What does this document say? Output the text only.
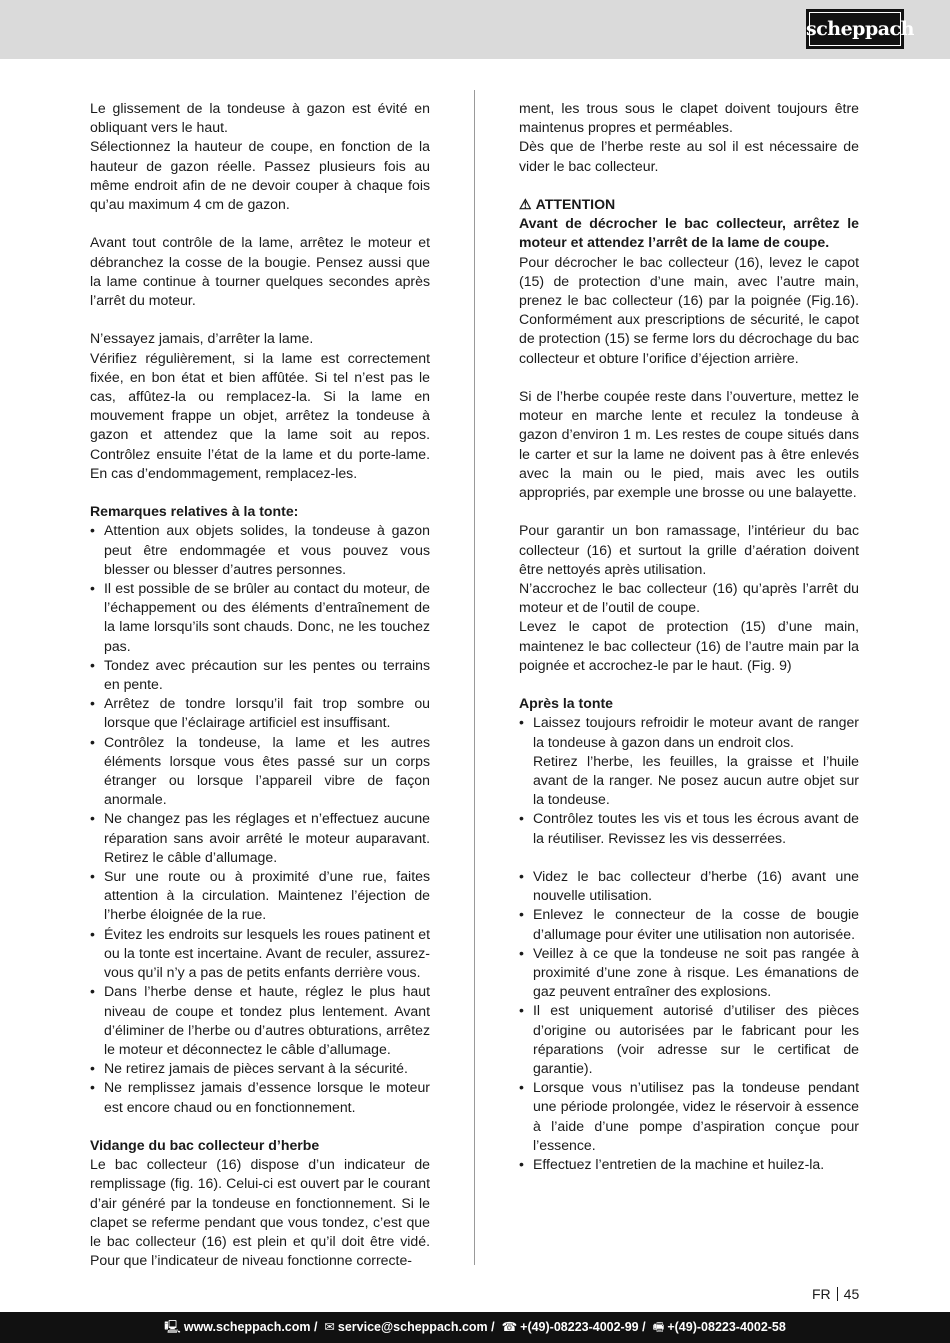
scheppach

Le glissement de la tondeuse à gazon est évité en obliquant vers le haut.

Sélectionnez la hauteur de coupe, en fonction de la hauteur de gazon réelle. Passez plusieurs fois au même endroit afin de ne devoir couper à chaque fois qu’au maximum 4 cm de gazon.

Avant tout contrôle de la lame, arrêtez le moteur et débranchez la cosse de la bougie. Pensez aussi que la lame continue à tourner quelques secondes après l’arrêt du moteur.

N’essayez jamais, d’arrêter la lame.

Vérifiez régulièrement, si la lame est correctement fixée, en bon état et bien affûtée. Si tel n’est pas le cas, affûtez-la ou remplacez-la. Si la lame en mouvement frappe un objet, arrêtez la tondeuse à gazon et attendez que la lame soit au repos. Contrôlez ensuite l’état de la lame et du porte-lame. En cas d’endommagement, remplacez-les.

Remarques relatives à la tonte:

• Attention aux objets solides, la tondeuse à gazon peut être endommagée et vous pouvez vous blesser ou blesser d’autres personnes.
• Il est possible de se brûler au contact du moteur, de l’échappement ou des éléments d’entraînement de la lame lorsqu’ils sont chauds. Donc, ne les touchez pas.
• Tondez avec précaution sur les pentes ou terrains en pente.
• Arrêtez de tondre lorsqu’il fait trop sombre ou lorsque que l’éclairage artificiel est insuffisant.
• Contrôlez la tondeuse, la lame et les autres éléments lorsque vous êtes passé sur un corps étranger ou lorsque l’appareil vibre de façon anormale.
• Ne changez pas les réglages et n’effectuez aucune réparation sans avoir arrêté le moteur auparavant. Retirez le câble d’allumage.
• Sur une route ou à proximité d’une rue, faites attention à la circulation. Maintenez l’éjection de l’herbe éloignée de la rue.
• Évitez les endroits sur lesquels les roues patinent et ou la tonte est incertaine. Avant de reculer, assurez-vous qu’il n’y a pas de petits enfants derrière vous.
• Dans l’herbe dense et haute, réglez le plus haut niveau de coupe et tondez plus lentement. Avant d’éliminer de l’herbe ou d’autres obturations, arrêtez le moteur et déconnectez le câble d’allumage.
• Ne retirez jamais de pièces servant à la sécurité.
• Ne remplissez jamais d’essence lorsque le moteur est encore chaud ou en fonctionnement.

Vidange du bac collecteur d’herbe

Le bac collecteur (16) dispose d’un indicateur de remplissage (fig. 16). Celui-ci est ouvert par le courant d’air généré par la tondeuse en fonctionnement. Si le clapet se referme pendant que vous tondez, c’est que le bac collecteur (16) est plein et qu’il doit être vidé. Pour que l’indicateur de niveau fonctionne correcte-

ment, les trous sous le clapet doivent toujours être maintenus propres et perméables.

Dès que de l’herbe reste au sol il est nécessaire de vider le bac collecteur.

⚠ ATTENTION

Avant de décrocher le bac collecteur, arrêtez le moteur et attendez l’arrêt de la lame de coupe.

Pour décrocher le bac collecteur (16), levez le capot (15) de protection d’une main, avec l’autre main, prenez le bac collecteur (16) par la poignée (Fig.16). Conformément aux prescriptions de sécurité, le capot de protection (15) se ferme lors du décrochage du bac collecteur et obture l’orifice d’éjection arrière.

Si de l’herbe coupée reste dans l’ouverture, mettez le moteur en marche lente et reculez la tondeuse à gazon d’environ 1 m. Les restes de coupe situés dans le carter et sur la lame ne doivent pas à être enlevés avec la main ou le pied, mais avec les outils appropriés, par exemple une brosse ou une balayette.

Pour garantir un bon ramassage, l’intérieur du bac collecteur (16) et surtout la grille d’aération doivent être nettoyés après utilisation.

N’accrochez le bac collecteur (16) qu’après l’arrêt du moteur et de l’outil de coupe.

Levez le capot de protection (15) d’une main, maintenez le bac collecteur (16) de l’autre main par la poignée et accrochez-le par le haut. (Fig. 9)

Après la tonte

• Laissez toujours refroidir le moteur avant de ranger la tondeuse à gazon dans un endroit clos.
Retirez l’herbe, les feuilles, la graisse et l’huile avant de la ranger. Ne posez aucun autre objet sur la tondeuse.
• Contrôlez toutes les vis et tous les écrous avant de la réutiliser. Revissez les vis desserrées.
• Videz le bac collecteur d’herbe (16) avant une nouvelle utilisation.
• Enlevez le connecteur de la cosse de bougie d’allumage pour éviter une utilisation non autorisée.
• Veillez à ce que la tondeuse ne soit pas rangée à proximité d’une zone à risque. Les émanations de gaz peuvent entraîner des explosions.
• Il est uniquement autorisé d’utiliser des pièces d’origine ou autorisées par le fabricant pour les réparations (voir adresse sur le certificat de garantie).
• Lorsque vous n’utilisez pas la tondeuse pendant une période prolongée, videz le réservoir à essence à l’aide d’une pompe d’aspiration conçue pour l’essence.
• Effectuez l’entretien de la machine et huilez-la.
FR 45
🖳 www.scheppach.com /  ✉ service@scheppach.com /  ☎ +(49)-08223-4002-99 /  🖷 +(49)-08223-4002-58
